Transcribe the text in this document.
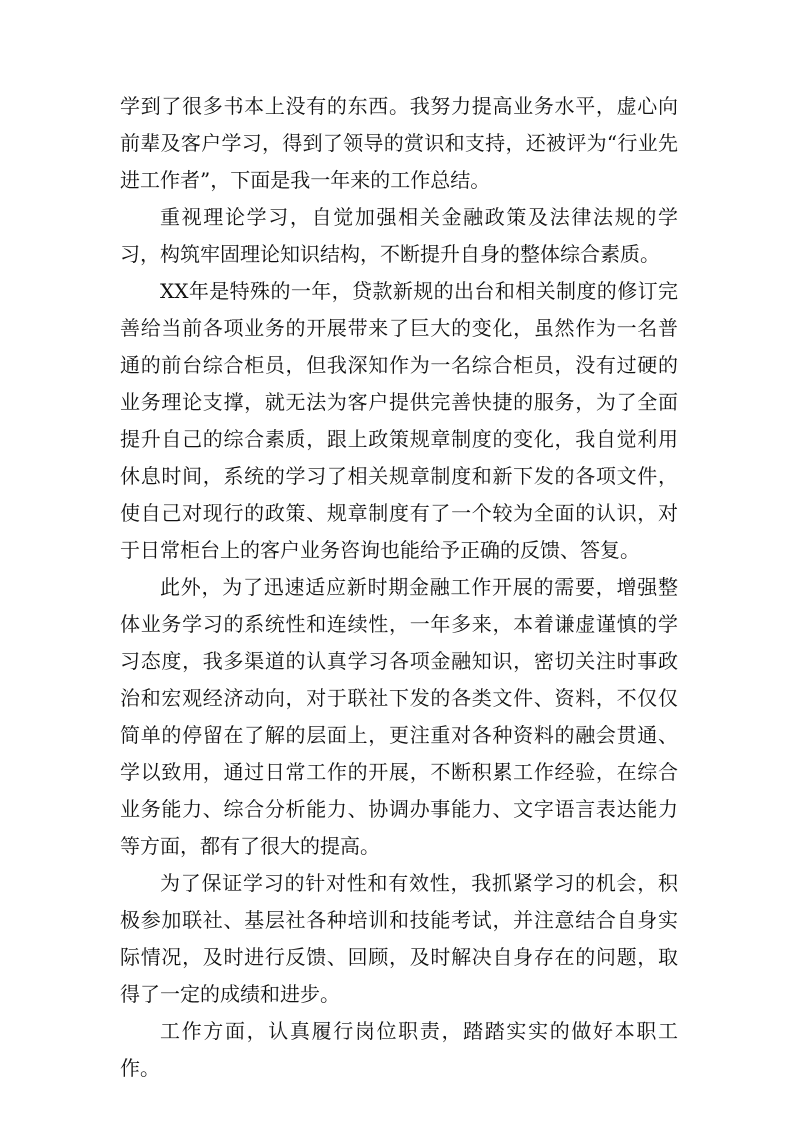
学到了很多书本上没有的东西。我努力提高业务水平，虚心向前辈及客户学习，得到了领导的赏识和支持，还被评为“行业先进工作者”，下面是我一年来的工作总结。

重视理论学习，自觉加强相关金融政策及法律法规的学习，构筑牢固理论知识结构，不断提升自身的整体综合素质。

XX年是特殊的一年，贷款新规的出台和相关制度的修订完善给当前各项业务的开展带来了巨大的变化，虽然作为一名普通的前台综合柜员，但我深知作为一名综合柜员，没有过硬的业务理论支撑，就无法为客户提供完善快捷的服务，为了全面提升自己的综合素质，跟上政策规章制度的变化，我自觉利用休息时间，系统的学习了相关规章制度和新下发的各项文件，使自己对现行的政策、规章制度有了一个较为全面的认识，对于日常柜台上的客户业务咨询也能给予正确的反馈、答复。

此外，为了迅速适应新时期金融工作开展的需要，增强整体业务学习的系统性和连续性，一年多来，本着谦虚谨慎的学习态度，我多渠道的认真学习各项金融知识，密切关注时事政治和宏观经济动向，对于联社下发的各类文件、资料，不仅仅简单的停留在了解的层面上，更注重对各种资料的融会贯通、学以致用，通过日常工作的开展，不断积累工作经验，在综合业务能力、综合分析能力、协调办事能力、文字语言表达能力等方面，都有了很大的提高。

为了保证学习的针对性和有效性，我抓紧学习的机会，积极参加联社、基层社各种培训和技能考试，并注意结合自身实际情况，及时进行反馈、回顾，及时解决自身存在的问题，取得了一定的成绩和进步。

工作方面，认真履行岗位职责，踏踏实实的做好本职工作。
